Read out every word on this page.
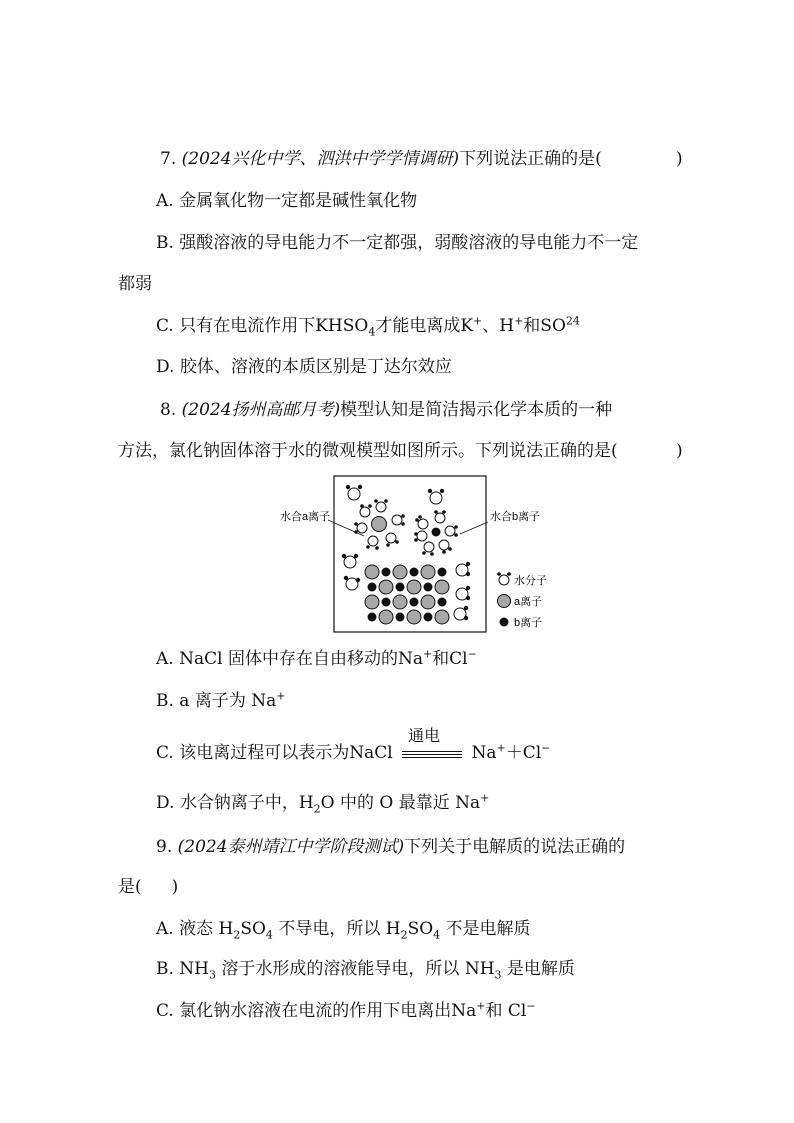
7. (2024兴化中学、泗洪中学学情调研)下列说法正确的是(	)
A. 金属氧化物一定都是碱性氧化物
B. 强酸溶液的导电能力不一定都强，弱酸溶液的导电能力不一定
都弱
C. 只有在电流作用下$KHSO_4$才能电离成K+、H+和SO$^{24}$
D. 胶体、溶液的本质区别是丁达尔效应
8. (2024扬州高邮月考)模型认知是简洁揭示化学本质的一种
方法，氯化钠固体溶于水的微观模型如图所示。下列说法正确的是(	)
水合a离子	水合b离子
水分子
a离子
b离子
A. NaCl 固体中存在自由移动的Na+和Cl−
B. a 离子为 Na+
C. 该电离过程可以表示为NaCl
通电
Na+＋Cl−
D. 水合钠离子中，$H_2O$ 中的 O 最靠近 Na+
9. (2024泰州靖江中学阶段测试)下列关于电解质的说法正确的
是( )
A. 液态 $H_2SO_4$ 不导电，所以 $H_2SO_4$ 不是电解质
B. $NH_3$ 溶于水形成的溶液能导电，所以 $NH_3$ 是电解质
C. 氯化钠水溶液在电流的作用下电离出Na+和 Cl−
